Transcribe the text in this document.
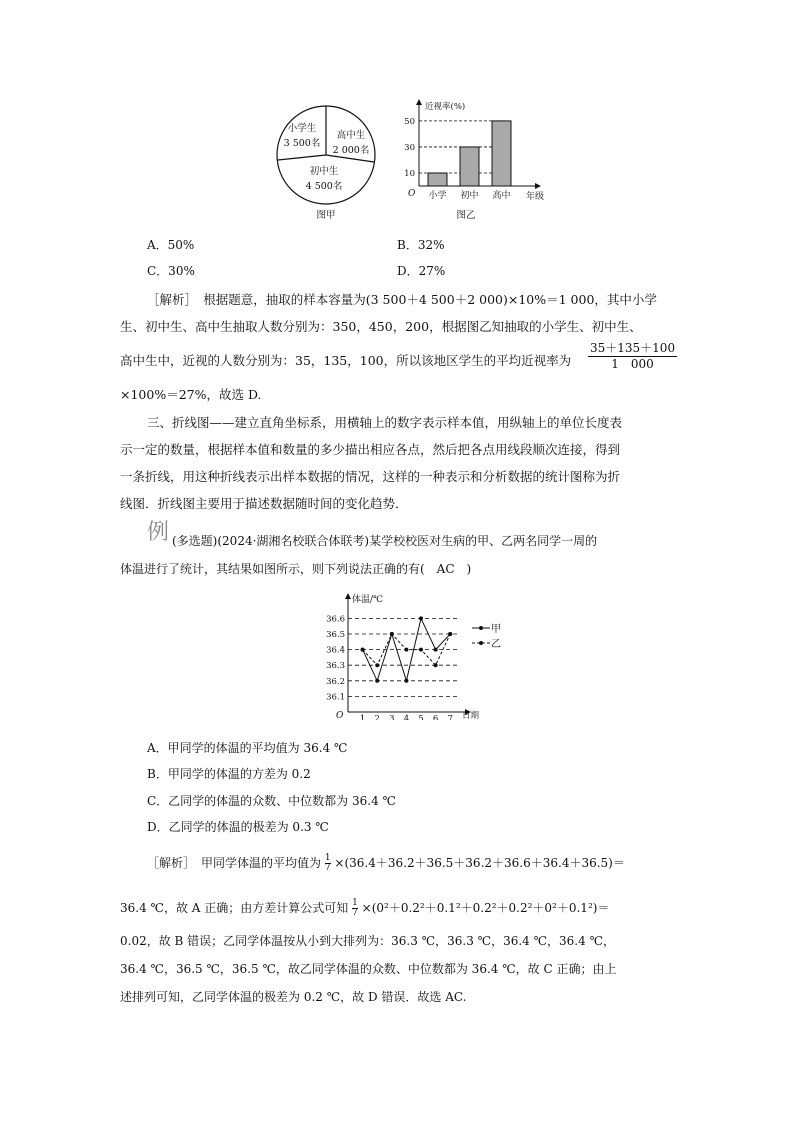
小学生
3 500名
高中生
2 000名
初中生
4 500名
图甲
近视率(%)
O	年级
图乙
10
30
50
小学 初中 高中
A．50%	B．32%
C．30%	D．27%
［解析］　根据题意，抽取的样本容量为(3 500＋4 500＋2 000)×10%＝1 000，其中小学
生、初中生、高中生抽取人数分别为：350，450，200，根据图乙知抽取的小学生、初中生、
高中生中，近视的人数分别为：35，135，100，所以该地区学生的平均近视率为 $\frac{35+135+100}{1 000}$
×100%＝27%，故选 D.
三、折线图——建立直角坐标系，用横轴上的数字表示样本值，用纵轴上的单位长度表
示一定的数量，根据样本值和数量的多少描出相应各点，然后把各点用线段顺次连接，得到
一条折线，用这种折线表示出样本数据的情况，这样的一种表示和分析数据的统计图称为折
线图．折线图主要用于描述数据随时间的变化趋势．
例 (多选题)(2024·湖湘名校联合体联考)某学校校医对生病的甲、乙两名同学一周的
体温进行了统计，其结果如图所示，则下列说法正确的有(　AC　)
体温/℃
O	日期
36.1
36.2
36.3
36.4
36.5
36.6
1 2 3 4 5 6 7
甲
乙
A．甲同学的体温的平均值为 36.4 ℃
B．甲同学的体温的方差为 0.2
C．乙同学的体温的众数、中位数都为 36.4 ℃
D．乙同学的体温的极差为 0.3 ℃
［解析］　甲同学体温的平均值为 $\frac{1}{7} \times(36.4+36.2+36.5+36.2+36.6+36.4+36.5)=$
36.4 ℃，故 A 正确；由方差计算公式可知 $\frac{1}{7} \times(0^2+0.2^2+0.1^2+0.2^2+0.2^2+0^2+0.1^2)=$
0.02，故 B 错误；乙同学体温按从小到大排列为：36.3 ℃，36.3 ℃，36.4 ℃，36.4 ℃，
36.4 ℃，36.5 ℃，36.5 ℃，故乙同学体温的众数、中位数都为 36.4 ℃，故 C 正确；由上
述排列可知，乙同学体温的极差为 0.2 ℃，故 D 错误．故选 AC.
